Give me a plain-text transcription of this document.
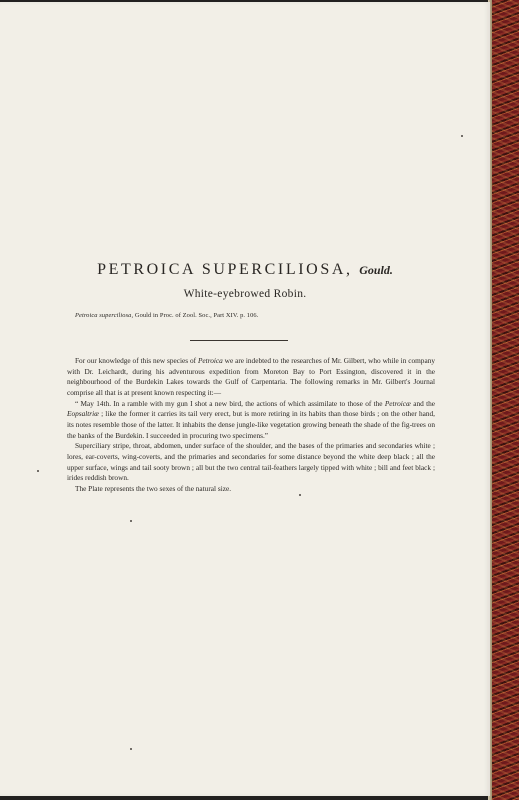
PETROICA SUPERCILIOSA, Gould.
White-eyebrowed Robin.
Petroica superciliosa, Gould in Proc. of Zool. Soc., Part XIV. p. 106.

For our knowledge of this new species of Petroica we are indebted to the researches of Mr. Gilbert, who while in company with Dr. Leichardt, during his adventurous expedition from Moreton Bay to Port Essington, discovered it in the neighbourhood of the Burdekin Lakes towards the Gulf of Carpentaria. The following remarks in Mr. Gilbert's Journal comprise all that is at present known respecting it:—

“ May 14th. In a ramble with my gun I shot a new bird, the actions of which assimilate to those of the Petroicæ and the Eopsaltriæ ; like the former it carries its tail very erect, but is more retiring in its habits than those birds ; on the other hand, its notes resemble those of the latter. It inhabits the dense jungle-like vegetation growing beneath the shade of the fig-trees on the banks of the Burdekin. I succeeded in procuring two specimens.”

Superciliary stripe, throat, abdomen, under surface of the shoulder, and the bases of the primaries and secondaries white ; lores, ear-coverts, wing-coverts, and the primaries and secondaries for some distance beyond the white deep black ; all the upper surface, wings and tail sooty brown ; all but the two central tail-feathers largely tipped with white ; bill and feet black ; irides reddish brown.

The Plate represents the two sexes of the natural size.
